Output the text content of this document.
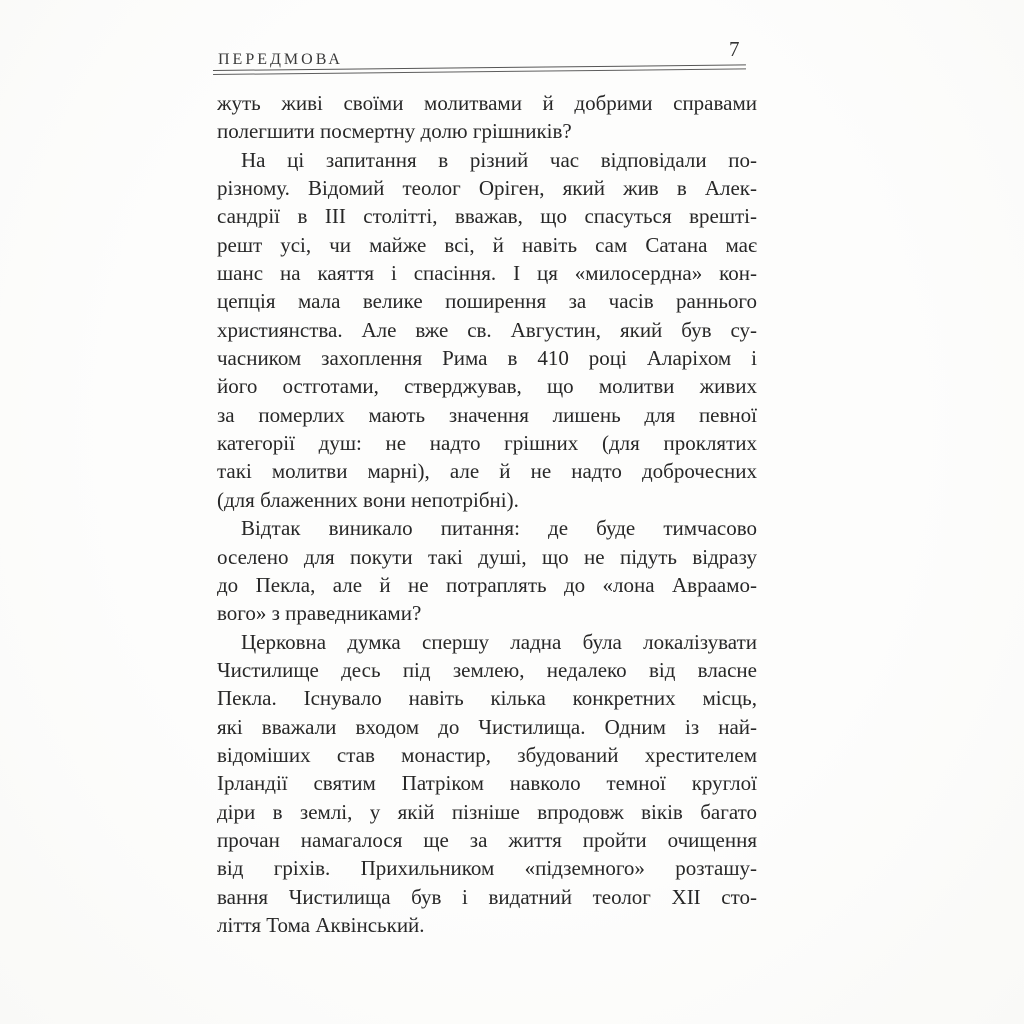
ПЕРЕДМОВА	7
жуть живі своїми молитвами й добрими справами
полегшити посмертну долю грішників?
На ці запитання в різний час відповідали по-
різному. Відомий теолог Оріген, який жив в Алек-
сандрії в III столітті, вважав, що спасуться врешті-
решт усі, чи майже всі, й навіть сам Сатана має
шанс на каяття і спасіння. І ця «милосердна» кон-
цепція мала велике поширення за часів раннього
християнства. Але вже св. Августин, який був су-
часником захоплення Рима в 410 році Аларіхом і
його остготами, стверджував, що молитви живих
за померлих мають значення лишень для певної
категорії душ: не надто грішних (для проклятих
такі молитви марні), але й не надто доброчесних
(для блаженних вони непотрібні).
Відтак виникало питання: де буде тимчасово
оселено для покути такі душі, що не підуть відразу
до Пекла, але й не потраплять до «лона Авраамо-
вого» з праведниками?
Церковна думка спершу ладна була локалізувати
Чистилище десь під землею, недалеко від власне
Пекла. Існувало навіть кілька конкретних місць,
які вважали входом до Чистилища. Одним із най-
відоміших став монастир, збудований хрестителем
Ірландії святим Патріком навколо темної круглої
діри в землі, у якій пізніше впродовж віків багато
прочан намагалося ще за життя пройти очищення
від гріхів. Прихильником «підземного» розташу-
вання Чистилища був і видатний теолог XII сто-
ліття Тома Аквінський.
